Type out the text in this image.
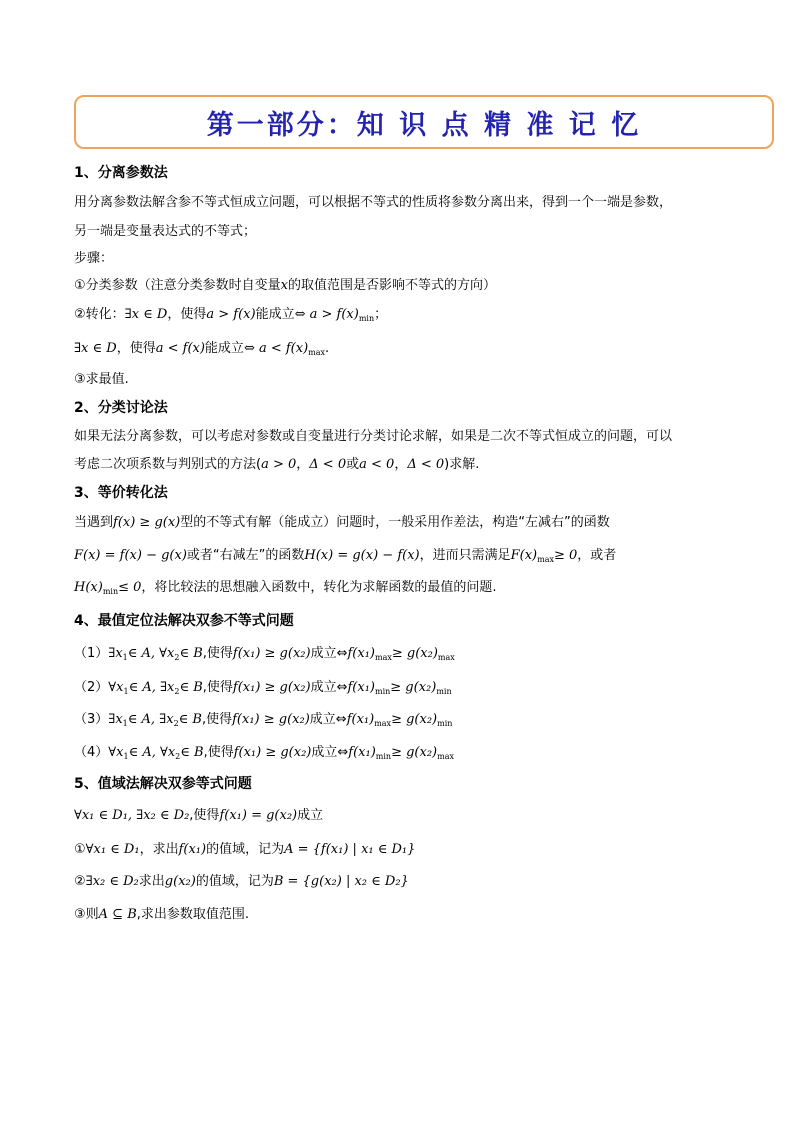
第一部分：知 识 点 精 准 记 忆
1、分离参数法
用分离参数法解含参不等式恒成立问题，可以根据不等式的性质将参数分离出来，得到一个一端是参数，
另一端是变量表达式的不等式；
步骤：
①分类参数（注意分类参数时自变量x的取值范围是否影响不等式的方向）
②转化：∃x ∈ D，使得a > f(x)能成立⇔ $a > f(x)_{min}$；
∃x ∈ D，使得a < f(x)能成立⇔ $a < f(x)_{max}$.
③求最值.
2、分类讨论法
如果无法分离参数，可以考虑对参数或自变量进行分类讨论求解，如果是二次不等式恒成立的问题，可以
考虑二次项系数与判别式的方法(a > 0，Δ < 0或a < 0，Δ < 0)求解.
3、等价转化法
当遇到f(x) ≥ g(x)型的不等式有解（能成立）问题时，一般采用作差法，构造“左减右”的函数
F(x) = f(x) − g(x)或者“右减左”的函数H(x) = g(x) − f(x)，进而只需满足$F(x)_{max}\ge 0$，或者
$H(x)_{min}\le 0$，将比较法的思想融入函数中，转化为求解函数的最值的问题.
4、最值定位法解决双参不等式问题
$(1)\exists x_1\in$ A, $\forall x_2\in$ B,使得f(x₁) ≥ g(x₂)成立$\Leftrightarrow f(x_1)_{max}\ge g(x_2)_{max}$
$(2)\forall x_1\in$ A, $\exists x_2\in$ B,使得f(x₁) ≥ g(x₂)成立$\Leftrightarrow f(x_1)_{min}\ge g(x_2)_{min}$
$(3)\exists x_1\in$ A, $\exists x_2\in$ B,使得f(x₁) ≥ g(x₂)成立$\Leftrightarrow f(x_1)_{max}\ge g(x_2)_{min}$
$(4)\forall x_1\in$ A, $\forall x_2\in$ B,使得f(x₁) ≥ g(x₂)成立$\Leftrightarrow f(x_1)_{min}\ge g(x_2)_{max}$
5、值域法解决双参等式问题
∀x₁ ∈ D₁, ∃x₂ ∈ D₂,使得f(x₁) = g(x₂)成立
①∀x₁ ∈ D₁，求出f(x₁)的值域，记为A = {f(x₁) | x₁ ∈ D₁}
②∃x₂ ∈ D₂求出g(x₂)的值域，记为B = {g(x₂) | x₂ ∈ D₂}
③则A ⊆ B,求出参数取值范围.
